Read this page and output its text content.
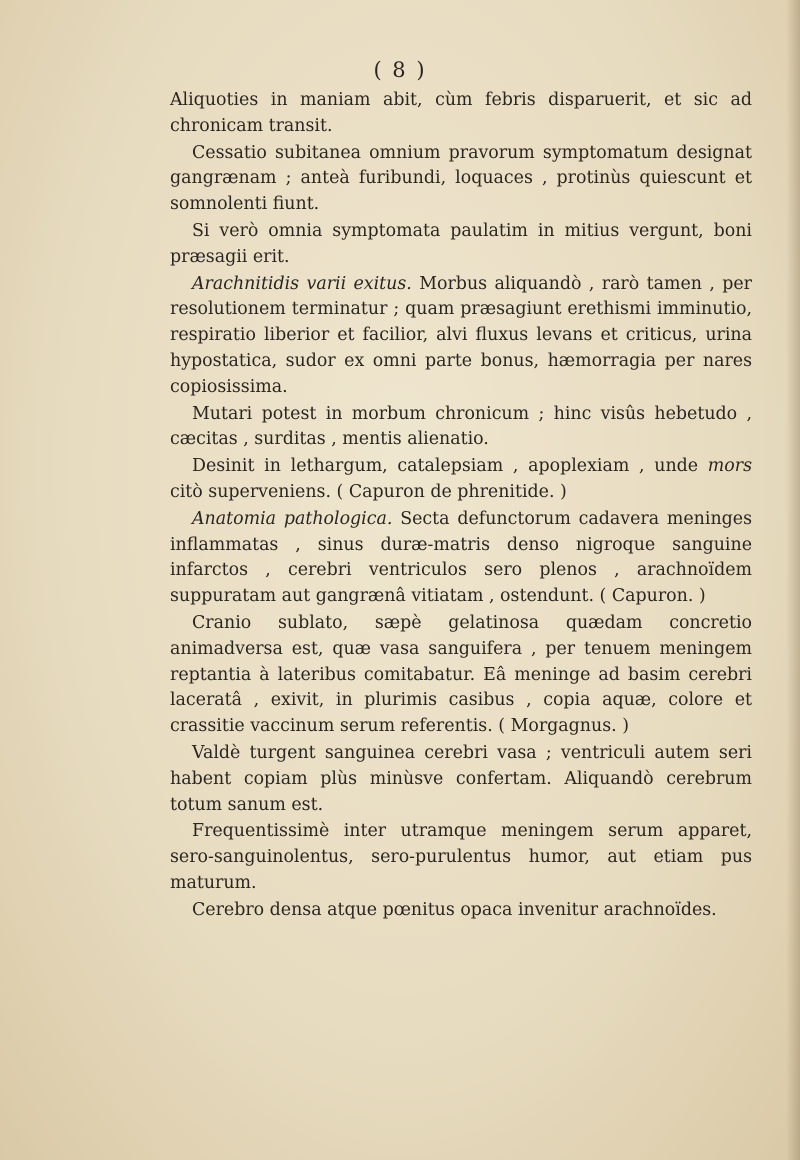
( 8 )

Aliquoties in maniam abit, cùm febris disparuerit, et sic ad chronicam transit.

Cessatio subitanea omnium pravorum symptomatum designat gangrænam ; anteà furibundi, loquaces , protinùs quiescunt et somnolenti fiunt.

Si verò omnia symptomata paulatim in mitius vergunt, boni præsagii erit.

Arachnitidis varii exitus. Morbus aliquandò , rarò tamen , per resolutionem terminatur ; quam præsagiunt erethismi imminutio, respiratio liberior et facilior, alvi fluxus levans et criticus, urina hypostatica, sudor ex omni parte bonus, hæmorragia per nares copiosissima.

Mutari potest in morbum chronicum ; hinc visûs hebetudo , cæcitas , surditas , mentis alienatio.

Desinit in lethargum, catalepsiam , apoplexiam , unde mors citò superveniens. ( Capuron de phrenitide. )

Anatomia pathologica. Secta defunctorum cadavera meninges inflammatas , sinus duræ-matris denso nigroque sanguine infarctos , cerebri ventriculos sero plenos , arachnoïdem suppuratam aut gangrænâ vitiatam , ostendunt. ( Capuron. )

Cranio sublato, sæpè gelatinosa quædam concretio animadversa est, quæ vasa sanguifera , per tenuem meningem reptantia à lateribus comitabatur. Eâ meninge ad basim cerebri laceratâ , exivit, in plurimis casibus , copia aquæ, colore et crassitie vaccinum serum referentis. ( Morgagnus. )

Valdè turgent sanguinea cerebri vasa ; ventriculi autem seri habent copiam plùs minùsve confertam. Aliquandò cerebrum totum sanum est.

Frequentissimè inter utramque meningem serum apparet, sero-sanguinolentus, sero-purulentus humor, aut etiam pus maturum.

Cerebro densa atque pœnitus opaca invenitur arachnoïdes.
